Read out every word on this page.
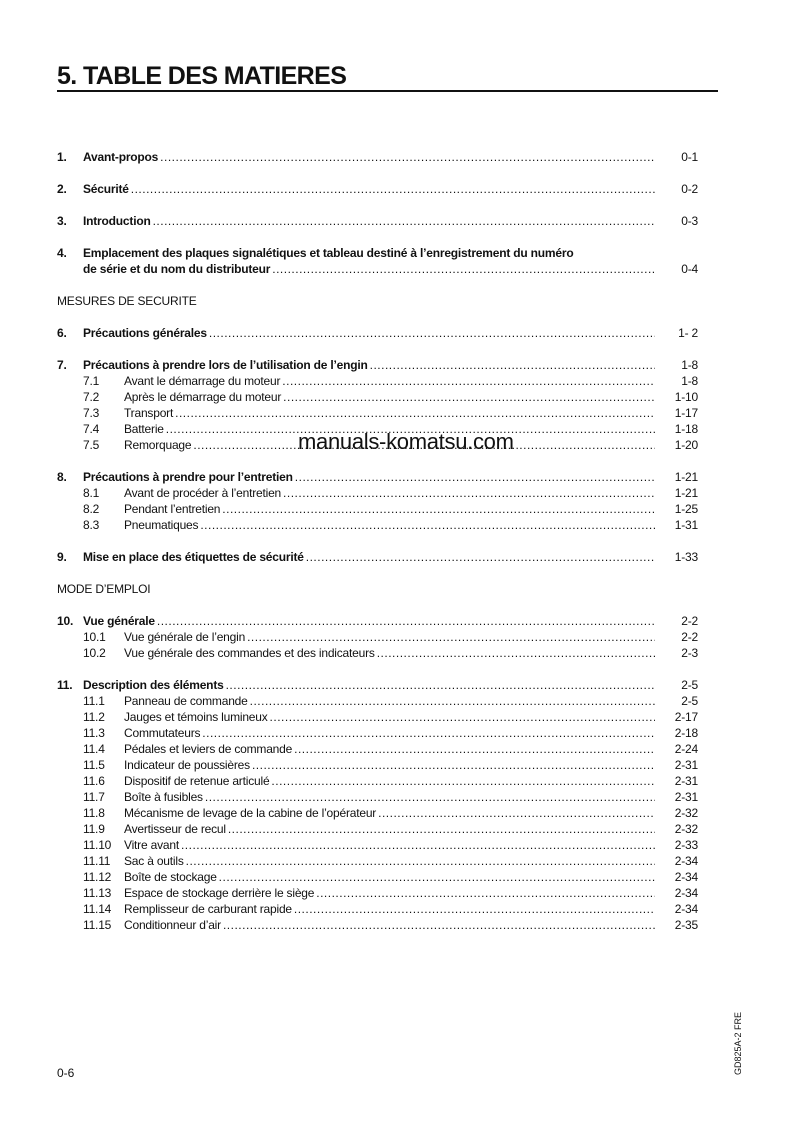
5. TABLE DES MATIERES
1. Avant-propos .....	0-1
2. Sécurité .....	0-2
3. Introduction .....	0-3
4. Emplacement des plaques signalétiques et tableau destiné à l’enregistrement du numéro
de série et du nom du distributeur .....	0-4
MESURES DE SECURITE
6. Précautions générales .....	1- 2
7. Précautions à prendre lors de l’utilisation de l’engin .....	1-8
7.1 Avant le démarrage du moteur .....	1-8
7.2 Après le démarrage du moteur .....	1-10
7.3 Transport .....	1-17
7.4 Batterie .....	1-18
7.5 Remorquage .....	1-20
8. Précautions à prendre pour l’entretien .....	1-21
8.1 Avant de procéder à l’entretien .....	1-21
8.2 Pendant l’entretien .....	1-25
8.3 Pneumatiques .....	1-31
9. Mise en place des étiquettes de sécurité .....	1-33
MODE D’EMPLOI
10. Vue générale .....	2-2
10.1 Vue générale de l’engin .....	2-2
10.2 Vue générale des commandes et des indicateurs .....	2-3
11. Description des éléments .....	2-5
11.1 Panneau de commande .....	2-5
11.2 Jauges et témoins lumineux .....	2-17
11.3 Commutateurs .....	2-18
11.4 Pédales et leviers de commande .....	2-24
11.5 Indicateur de poussières .....	2-31
11.6 Dispositif de retenue articulé .....	2-31
11.7 Boîte à fusibles .....	2-31
11.8 Mécanisme de levage de la cabine de l’opérateur .....	2-32
11.9 Avertisseur de recul .....	2-32
11.10 Vitre avant .....	2-33
11.11 Sac à outils .....	2-34
11.12 Boîte de stockage .....	2-34
11.13 Espace de stockage derrière le siège .....	2-34
11.14 Remplisseur de carburant rapide .....	2-34
11.15 Conditionneur d’air .....	2-35
manuals-komatsu.com
0-6	GD825A-2 FRE
